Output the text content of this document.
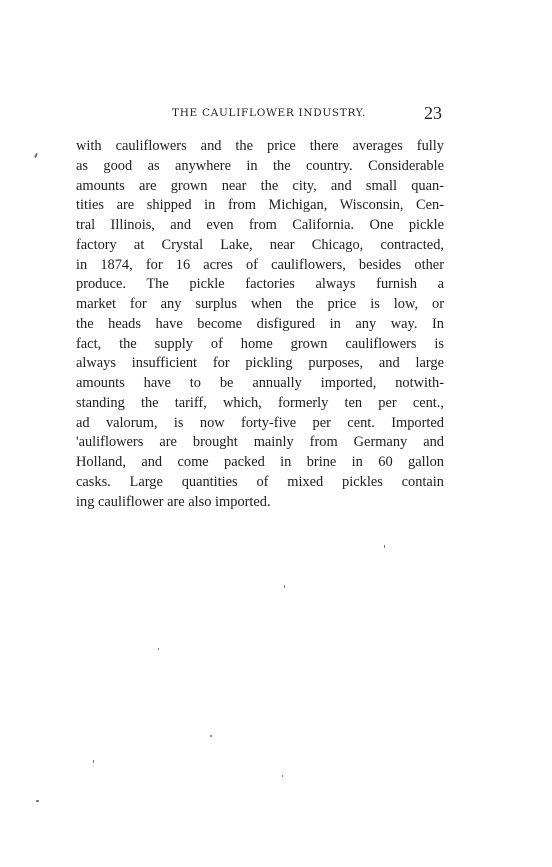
THE CAULIFLOWER INDUSTRY.	23
with cauliflowers and the price there averages fully
as good as anywhere in the country. Considerable
amounts are grown near the city, and small quan-
tities are shipped in from Michigan, Wisconsin, Cen-
tral Illinois, and even from California. One pickle
factory at Crystal Lake, near Chicago, contracted,
in 1874, for 16 acres of cauliflowers, besides other
produce. The pickle factories always furnish a
market for any surplus when the price is low, or
the heads have become disfigured in any way. In
fact, the supply of home grown cauliflowers is
always insufficient for pickling purposes, and large
amounts have to be annually imported, notwith-
standing the tariff, which, formerly ten per cent.,
ad valorum, is now forty-five per cent. Imported
'auliflowers are brought mainly from Germany and
Holland, and come packed in brine in 60 gallon
casks. Large quantities of mixed pickles contain
ing cauliflower are also imported.
